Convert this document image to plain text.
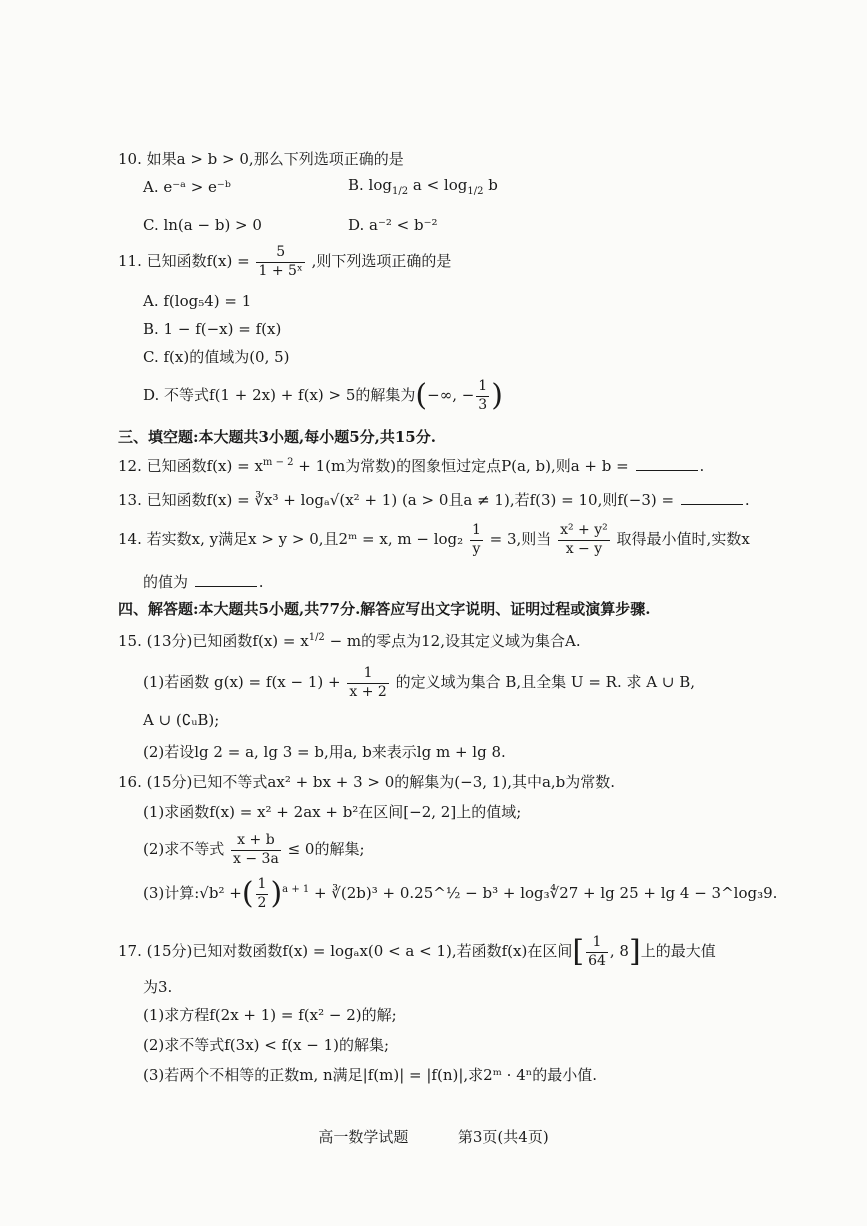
10. 如果a > b > 0,那么下列选项正确的是
A. e⁻ᵃ > e⁻ᵇ	B. $\log_{1/2} a < \log_{1/2} b$
C. ln(a − b) > 0	D. a⁻² < b⁻²
11. 已知函数$f(x) = \frac{5}{\text{1 + 5ˣ}}$ ,则下列选项正确的是
A. f(log₅4) = 1
B. 1 − f(−x) = f(x)
C. f(x)的值域为(0, 5)
D. 不等式f(1 + 2x) + f(x) > 5的解集为(−∞, − $\frac{1}{3}$ )
三、填空题:本大题共3小题,每小题5分,共15分.
12. 已知函数$f(x) = x^{m - 2} + 1(m$为常数)的图象恒过定点P(a, b),则a + b =	.
13. 已知函数f(x) = ∛x³ + logₐ√(x² + 1) (a > 0且a ≠ 1),若f(3) = 10,则f(−3) =	.
14. 若实数x, y满足x > y > 0,且2ᵐ = x, $m - \log_2 \frac{1}{y} = 3$,则当 $\frac{\text{x² + y²}}{x - y}$ 取得最小值时,实数x
的值为	.
四、解答题:本大题共5小题,共77分.解答应写出文字说明、证明过程或演算步骤.
15. (13分)已知函数$f(x) = x^{1/2} - m$的零点为12,设其定义域为集合A.
(1)若函数 $g(x) = f(x - 1) + \frac{1}{x + 2}$ 的定义域为集合 B,且全集 U = R. 求 A ∪ B,
A ∪ (∁ᵤB);
(2)若设lg 2 = a, lg 3 = b,用a, b来表示lg m + lg 8.
16. (15分)已知不等式ax² + bx + 3 > 0的解集为(−3, 1),其中a,b为常数.
(1)求函数f(x) = x² + 2ax + b²在区间[−2, 2]上的值域;
(2)求不等式 $\frac{x + b}{x - 3a} \le 0$的解集;
(3)计算:√b² +( $\frac{1}{2} )^{a + 1}$ + ∛(2b)³ + 0.25^½ − b³ + log₃∜27 + lg 25 + lg 4 − 3^log₃9.
17. (15分)已知对数函数f(x) = logₐx(0 < a < 1),若函数f(x)在区间[ $\frac{1}{64}$ , 8]上的最大值
为3.
(1)求方程f(2x + 1) = f(x² − 2)的解;
(2)求不等式f(3x) < f(x − 1)的解集;
(3)若两个不相等的正数m, n满足|f(m)| = |f(n)|,求2ᵐ · 4ⁿ的最小值.
高一数学试题	第3页(共4页)
